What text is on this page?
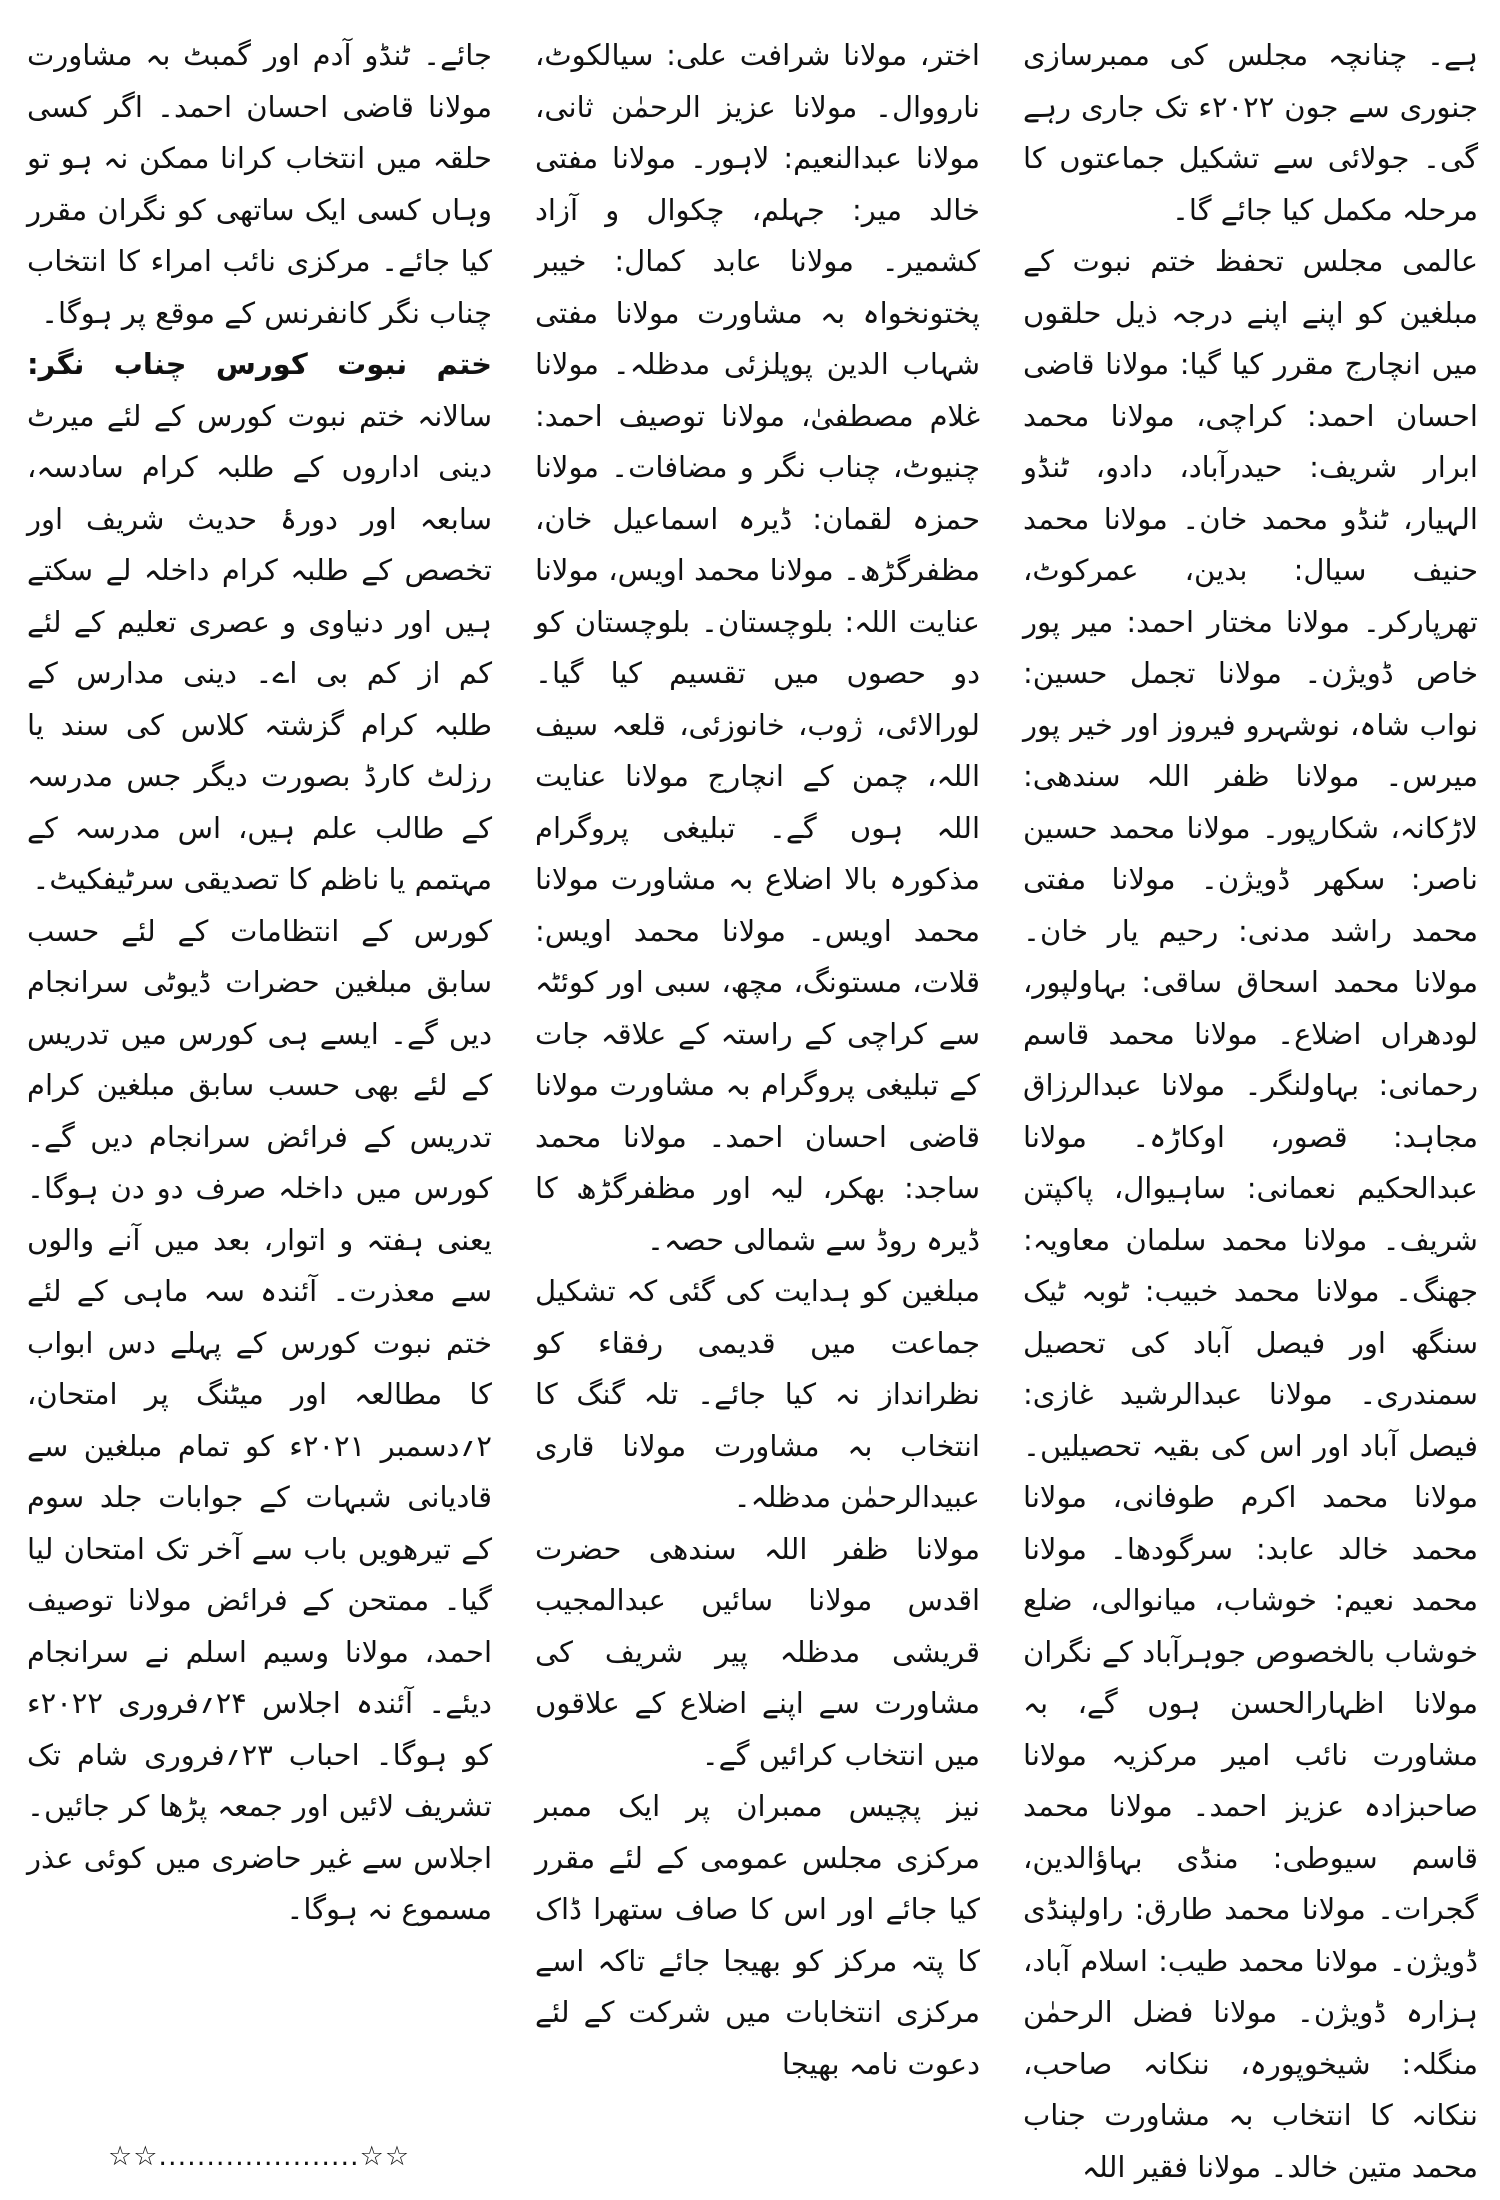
ہے۔ چنانچہ مجلس کی ممبرسازی جنوری سے جون ۲۰۲۲ء تک جاری رہے گی۔ جولائی سے تشکیل جماعتوں کا مرحلہ مکمل کیا جائے گا۔

عالمی مجلس تحفظ ختم نبوت کے مبلغین کو اپنے اپنے درجہ ذیل حلقوں میں انچارج مقرر کیا گیا: مولانا قاضی احسان احمد: کراچی، مولانا محمد ابرار شریف: حیدرآباد، دادو، ٹنڈو الہیار، ٹنڈو محمد خان۔ مولانا محمد حنیف سیال: بدین، عمرکوٹ، تھرپارکر۔ مولانا مختار احمد: میر پور خاص ڈویژن۔ مولانا تجمل حسین: نواب شاہ، نوشہرو فیروز اور خیر پور میرس۔ مولانا ظفر اللہ سندھی: لاڑکانہ، شکارپور۔ مولانا محمد حسین ناصر: سکھر ڈویژن۔ مولانا مفتی محمد راشد مدنی: رحیم یار خان۔ مولانا محمد اسحاق ساقی: بہاولپور، لودھراں اضلاع۔ مولانا محمد قاسم رحمانی: بہاولنگر۔ مولانا عبدالرزاق مجاہد: قصور، اوکاڑہ۔ مولانا عبدالحکیم نعمانی: ساہیوال، پاکپتن شریف۔ مولانا محمد سلمان معاویہ: جھنگ۔ مولانا محمد خبیب: ٹوبہ ٹیک سنگھ اور فیصل آباد کی تحصیل سمندری۔ مولانا عبدالرشید غازی: فیصل آباد اور اس کی بقیہ تحصیلیں۔ مولانا محمد اکرم طوفانی، مولانا محمد خالد عابد: سرگودھا۔ مولانا محمد نعیم: خوشاب، میانوالی، ضلع خوشاب بالخصوص جوہرآباد کے نگران مولانا اظہارالحسن ہوں گے، بہ مشاورت نائب امیر مرکزیہ مولانا صاحبزادہ عزیز احمد۔ مولانا محمد قاسم سیوطی: منڈی بہاؤالدین، گجرات۔ مولانا محمد طارق: راولپنڈی ڈویژن۔ مولانا محمد طیب: اسلام آباد، ہزارہ ڈویژن۔ مولانا فضل الرحمٰن منگلہ: شیخوپورہ، ننکانہ صاحب، ننکانہ کا انتخاب بہ مشاورت جناب محمد متین خالد۔ مولانا فقیر اللہ

اختر، مولانا شرافت علی: سیالکوٹ، نارووال۔ مولانا عزیز الرحمٰن ثانی، مولانا عبدالنعیم: لاہور۔ مولانا مفتی خالد میر: جہلم، چکوال و آزاد کشمیر۔ مولانا عابد کمال: خیبر پختونخواہ بہ مشاورت مولانا مفتی شہاب الدین پوپلزئی مدظلہ۔ مولانا غلام مصطفیٰ، مولانا توصیف احمد: چنیوٹ، چناب نگر و مضافات۔ مولانا حمزہ لقمان: ڈیرہ اسماعیل خان، مظفرگڑھ۔ مولانا محمد اویس، مولانا عنایت اللہ: بلوچستان۔ بلوچستان کو دو حصوں میں تقسیم کیا گیا۔ لورالائی، ژوب، خانوزئی، قلعہ سیف اللہ، چمن کے انچارج مولانا عنایت اللہ ہوں گے۔ تبلیغی پروگرام مذکورہ بالا اضلاع بہ مشاورت مولانا محمد اویس۔ مولانا محمد اویس: قلات، مستونگ، مچھ، سبی اور کوئٹہ سے کراچی کے راستہ کے علاقہ جات کے تبلیغی پروگرام بہ مشاورت مولانا قاضی احسان احمد۔ مولانا محمد ساجد: بھکر، لیہ اور مظفرگڑھ کا ڈیرہ روڈ سے شمالی حصہ۔

مبلغین کو ہدایت کی گئی کہ تشکیل جماعت میں قدیمی رفقاء کو نظرانداز نہ کیا جائے۔ تلہ گنگ کا انتخاب بہ مشاورت مولانا قاری عبیدالرحمٰن مدظلہ۔

مولانا ظفر اللہ سندھی حضرت اقدس مولانا سائیں عبدالمجیب قریشی مدظلہ پیر شریف کی مشاورت سے اپنے اضلاع کے علاقوں میں انتخاب کرائیں گے۔

نیز پچیس ممبران پر ایک ممبر مرکزی مجلس عمومی کے لئے مقرر کیا جائے اور اس کا صاف ستھرا ڈاک کا پتہ مرکز کو بھیجا جائے تاکہ اسے مرکزی انتخابات میں شرکت کے لئے دعوت نامہ بھیجا

جائے۔ ٹنڈو آدم اور گمبٹ بہ مشاورت مولانا قاضی احسان احمد۔ اگر کسی حلقہ میں انتخاب کرانا ممکن نہ ہو تو وہاں کسی ایک ساتھی کو نگران مقرر کیا جائے۔ مرکزی نائب امراء کا انتخاب چناب نگر کانفرنس کے موقع پر ہوگا۔

ختم نبوت کورس چناب نگر: سالانہ ختم نبوت کورس کے لئے میرٹ دینی اداروں کے طلبہ کرام سادسہ، سابعہ اور دورۂ حدیث شریف اور تخصص کے طلبہ کرام داخلہ لے سکتے ہیں اور دنیاوی و عصری تعلیم کے لئے کم از کم بی اے۔ دینی مدارس کے طلبہ کرام گزشتہ کلاس کی سند یا رزلٹ کارڈ بصورت دیگر جس مدرسہ کے طالب علم ہیں، اس مدرسہ کے مہتمم یا ناظم کا تصدیقی سرٹیفکیٹ۔

کورس کے انتظامات کے لئے حسب سابق مبلغین حضرات ڈیوٹی سرانجام دیں گے۔ ایسے ہی کورس میں تدریس کے لئے بھی حسب سابق مبلغین کرام تدریس کے فرائض سرانجام دیں گے۔ کورس میں داخلہ صرف دو دن ہوگا۔ یعنی ہفتہ و اتوار، بعد میں آنے والوں سے معذرت۔ آئندہ سہ ماہی کے لئے ختم نبوت کورس کے پہلے دس ابواب کا مطالعہ اور میٹنگ پر امتحان، ۲؍دسمبر ۲۰۲۱ء کو تمام مبلغین سے قادیانی شبہات کے جوابات جلد سوم کے تیرھویں باب سے آخر تک امتحان لیا گیا۔ ممتحن کے فرائض مولانا توصیف احمد، مولانا وسیم اسلم نے سرانجام دیئے۔ آئندہ اجلاس ۲۴؍فروری ۲۰۲۲ء کو ہوگا۔ احباب ۲۳؍فروری شام تک تشریف لائیں اور جمعہ پڑھا کر جائیں۔ اجلاس سے غیر حاضری میں کوئی عذر مسموع نہ ہوگا۔

☆☆.....................☆☆
